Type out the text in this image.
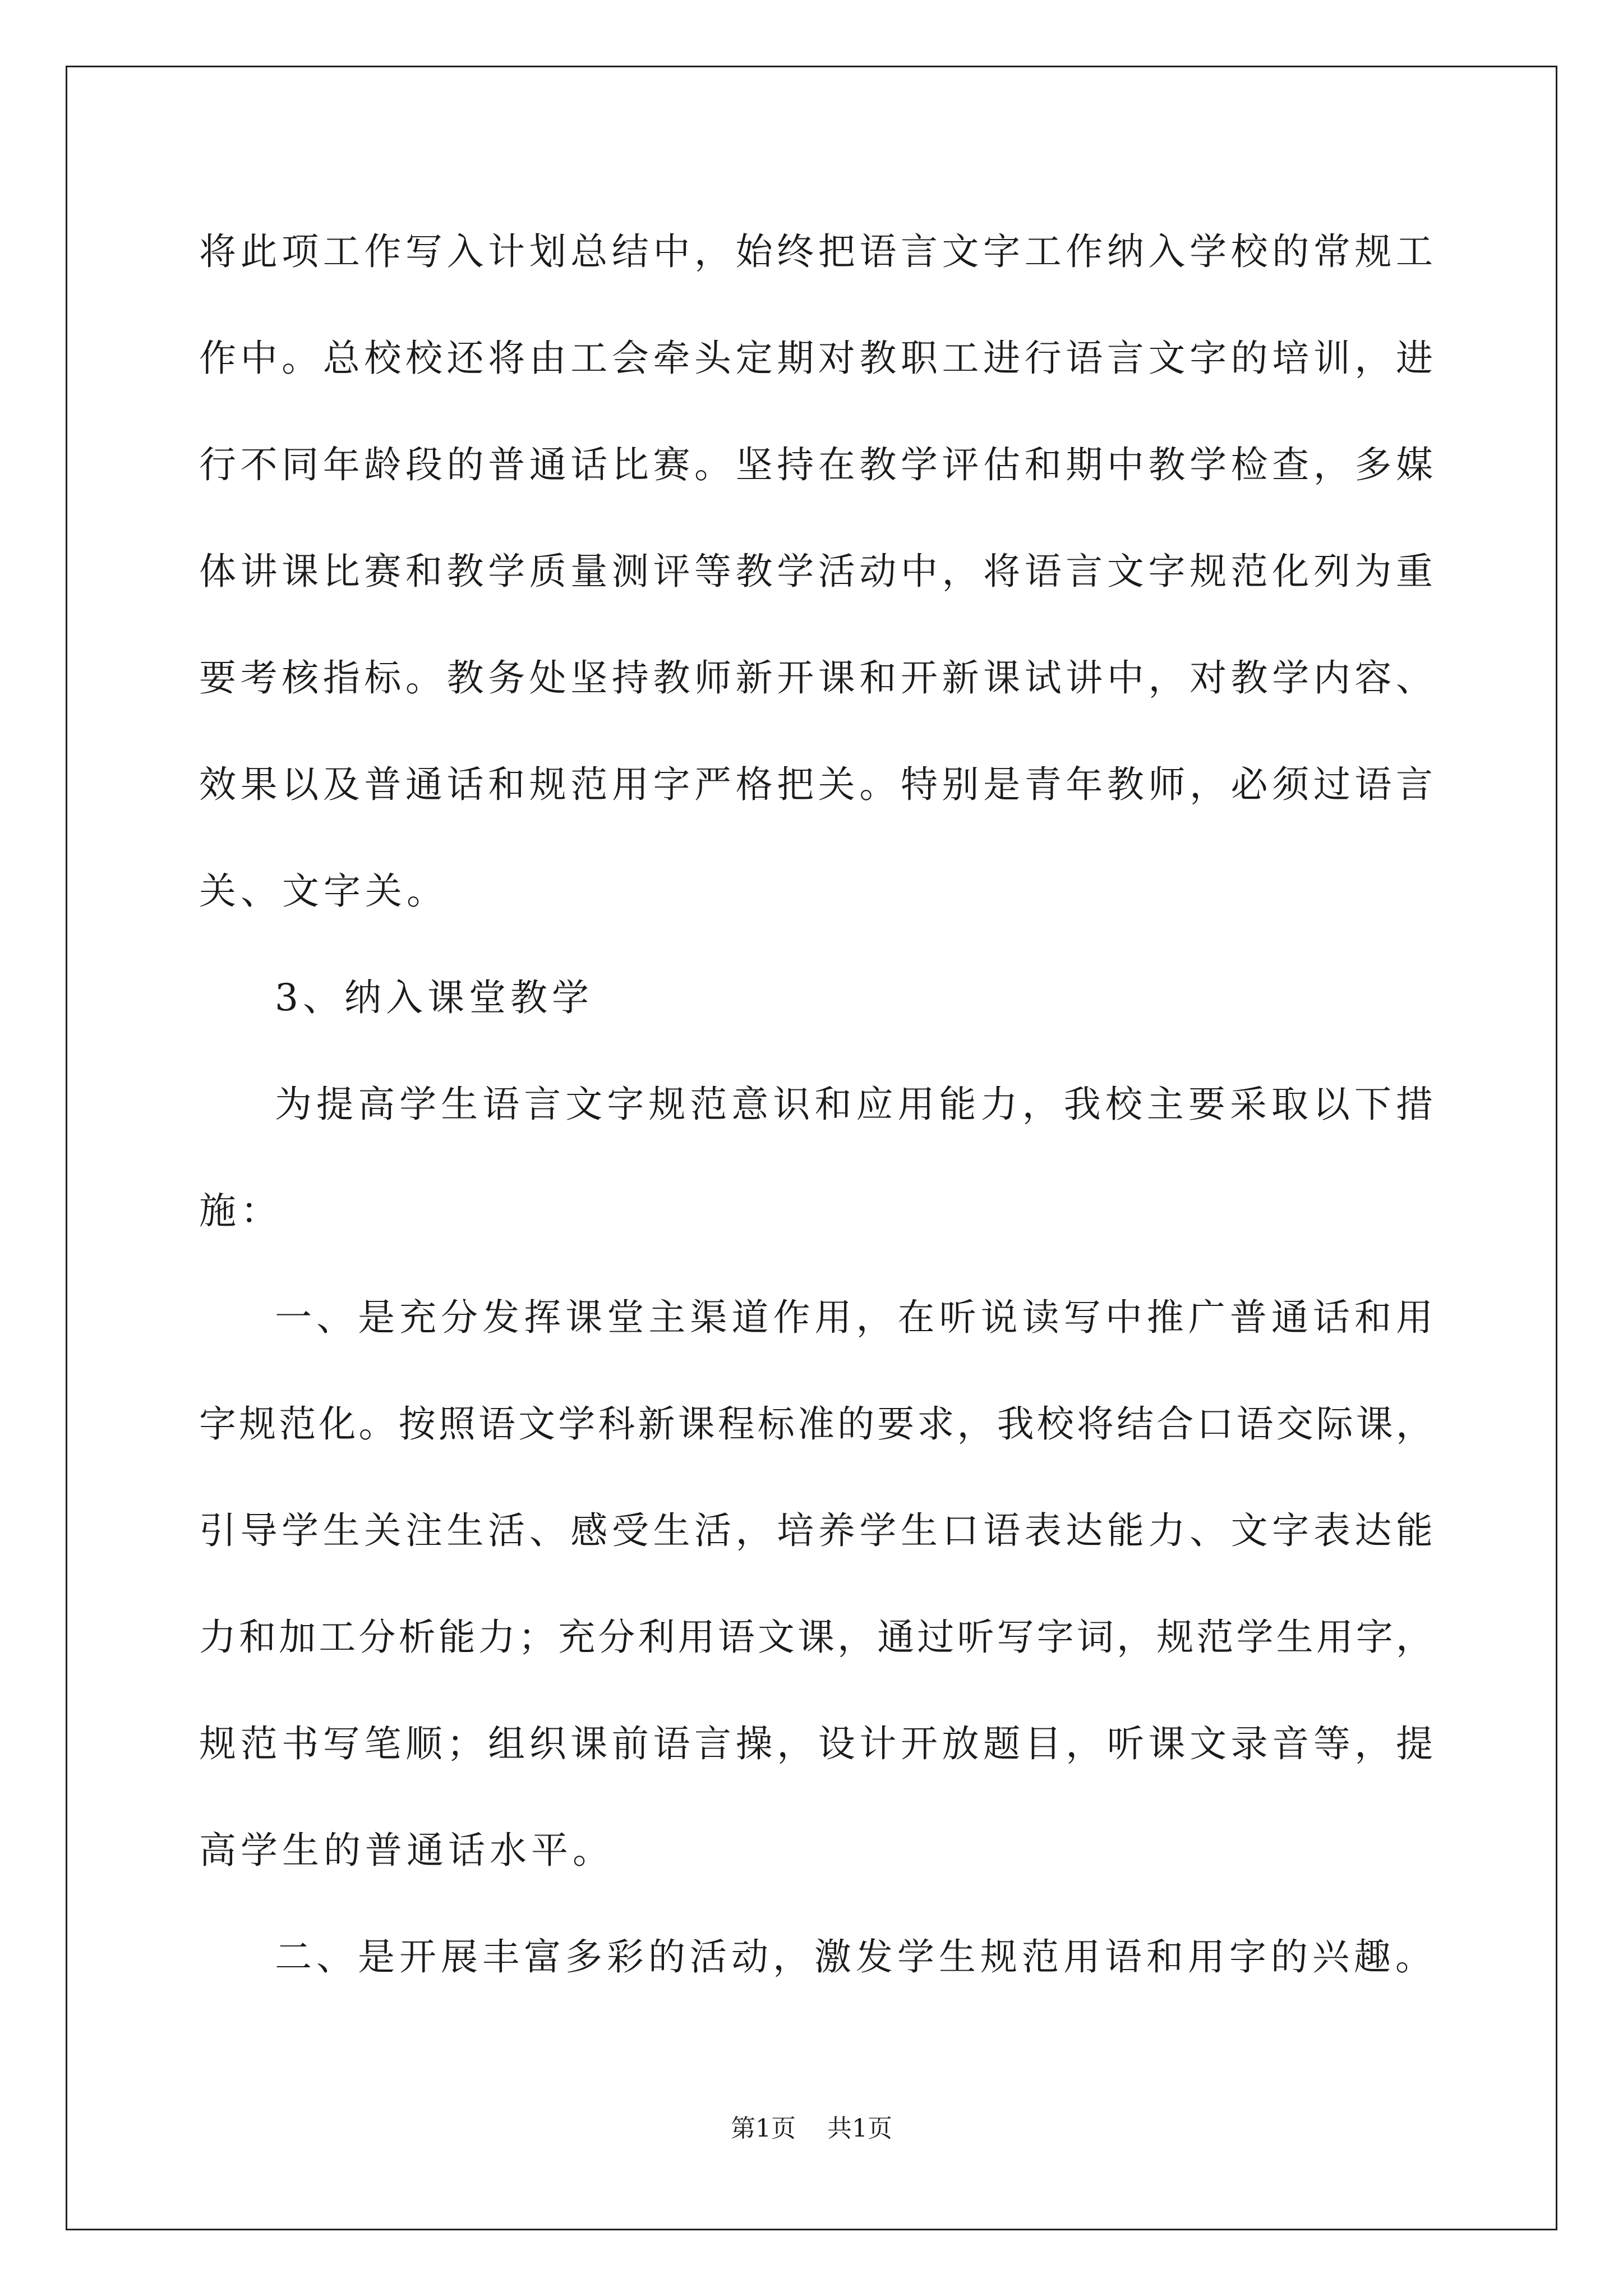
将此项工作写入计划总结中，始终把语言文字工作纳入学校的常规工
作中。总校校还将由工会牵头定期对教职工进行语言文字的培训，进
行不同年龄段的普通话比赛。坚持在教学评估和期中教学检查，多媒
体讲课比赛和教学质量测评等教学活动中，将语言文字规范化列为重
要考核指标。教务处坚持教师新开课和开新课试讲中，对教学内容、
效果以及普通话和规范用字严格把关。特别是青年教师，必须过语言
关、文字关。
3、纳入课堂教学
为提高学生语言文字规范意识和应用能力，我校主要采取以下措
施：
一、是充分发挥课堂主渠道作用，在听说读写中推广普通话和用
字规范化。按照语文学科新课程标准的要求，我校将结合口语交际课，
引导学生关注生活、感受生活，培养学生口语表达能力、文字表达能
力和加工分析能力；充分利用语文课，通过听写字词，规范学生用字，
规范书写笔顺；组织课前语言操，设计开放题目，听课文录音等，提
高学生的普通话水平。
二、是开展丰富多彩的活动，激发学生规范用语和用字的兴趣。
第1页 共1页
